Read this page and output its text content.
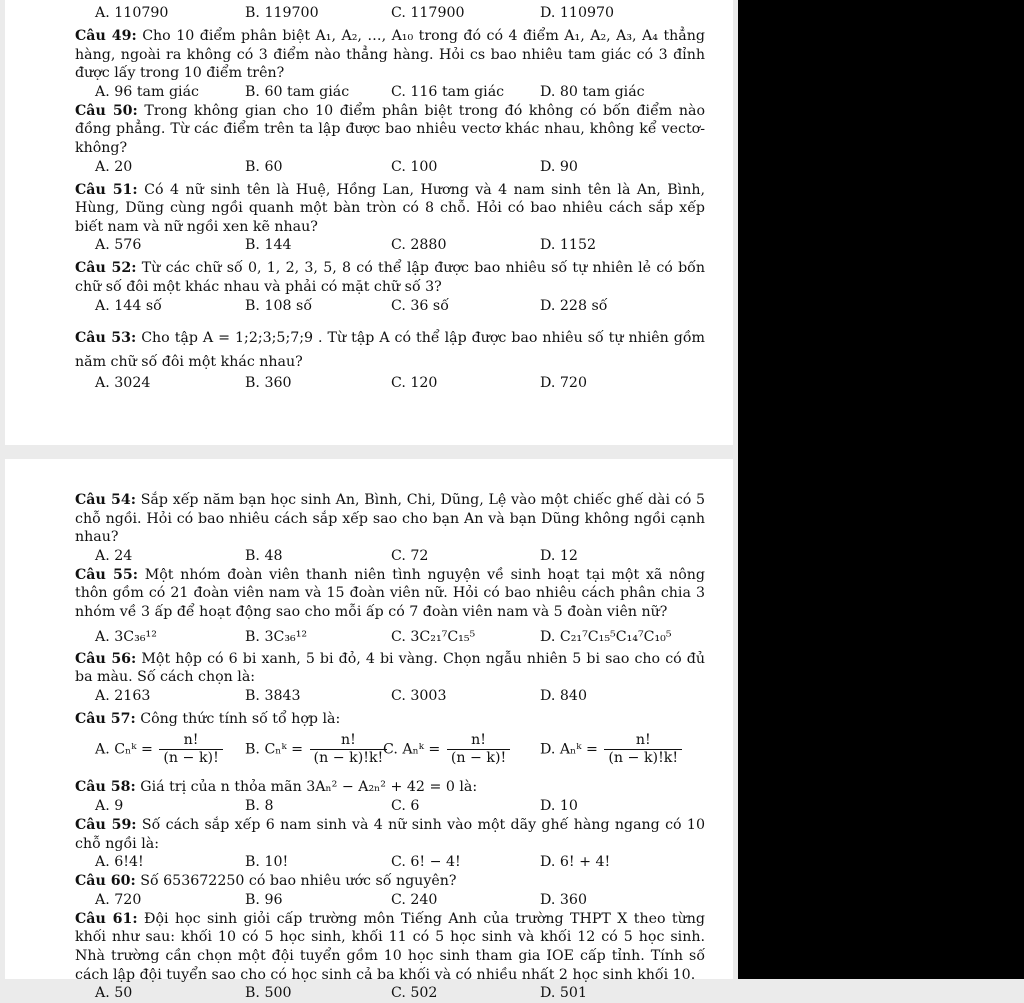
A. 110790	B. 119700	C. 117900	D. 110970
Câu 49: Cho 10 điểm phân biệt A₁, A₂, …, A₁₀ trong đó có 4 điểm A₁, A₂, A₃, A₄ thẳng hàng, ngoài ra không có 3 điểm nào thẳng hàng. Hỏi cs bao nhiêu tam giác có 3 đỉnh được lấy trong 10 điểm trên?
A. 96 tam giác	B. 60 tam giác	C. 116 tam giác	D. 80 tam giác
Câu 50: Trong không gian cho 10 điểm phân biệt trong đó không có bốn điểm nào đồng phẳng. Từ các điểm trên ta lập được bao nhiêu vectơ khác nhau, không kể vectơ-không?
A. 20	B. 60	C. 100	D. 90
Câu 51: Có 4 nữ sinh tên là Huệ, Hồng Lan, Hương và 4 nam sinh tên là An, Bình, Hùng, Dũng cùng ngồi quanh một bàn tròn có 8 chỗ. Hỏi có bao nhiêu cách sắp xếp biết nam và nữ ngồi xen kẽ nhau?
A. 576	B. 144	C. 2880	D. 1152
Câu 52: Từ các chữ số 0, 1, 2, 3, 5, 8 có thể lập được bao nhiêu số tự nhiên lẻ có bốn chữ số đôi một khác nhau và phải có mặt chữ số 3?
A. 144 số	B. 108 số	C. 36 số	D. 228 số
Câu 53: Cho tập A = 1;2;3;5;7;9 . Từ tập A có thể lập được bao nhiêu số tự nhiên gồm năm chữ số đôi một khác nhau?
A. 3024	B. 360	C. 120	D. 720
Câu 54: Sắp xếp năm bạn học sinh An, Bình, Chi, Dũng, Lệ vào một chiếc ghế dài có 5 chỗ ngồi. Hỏi có bao nhiêu cách sắp xếp sao cho bạn An và bạn Dũng không ngồi cạnh nhau?
A. 24	B. 48	C. 72	D. 12
Câu 55: Một nhóm đoàn viên thanh niên tình nguyện về sinh hoạt tại một xã nông thôn gồm có 21 đoàn viên nam và 15 đoàn viên nữ. Hỏi có bao nhiêu cách phân chia 3 nhóm về 3 ấp để hoạt động sao cho mỗi ấp có 7 đoàn viên nam và 5 đoàn viên nữ?
A. 3C₃₆¹²	B. 3C₃₆¹²	C. 3C₂₁⁷C₁₅⁵	D. C₂₁⁷C₁₅⁵C₁₄⁷C₁₀⁵
Câu 56: Một hộp có 6 bi xanh, 5 bi đỏ, 4 bi vàng. Chọn ngẫu nhiên 5 bi sao cho có đủ ba màu. Số cách chọn là:
A. 2163	B. 3843	C. 3003	D. 840
Câu 57: Công thức tính số tổ hợp là:
A. Cₙᵏ = $\frac{n!}{(n - k)!} B$. Cₙᵏ = $\frac{n!}{(n - k)!k!}$
C. Aₙᵏ = $\frac{n!}{(n - k)!} D$. Aₙᵏ = $\frac{n!}{(n - k)!k!}$
Câu 58: Giá trị của n thỏa mãn 3Aₙ² − A₂ₙ² + 42 = 0 là:
A. 9	B. 8	C. 6	D. 10
Câu 59: Số cách sắp xếp 6 nam sinh và 4 nữ sinh vào một dãy ghế hàng ngang có 10 chỗ ngồi là:
A. 6!4!	B. 10!	C. 6! − 4!	D. 6! + 4!
Câu 60: Số 653672250 có bao nhiêu ước số nguyên?
A. 720	B. 96	C. 240	D. 360
Câu 61: Đội học sinh giỏi cấp trường môn Tiếng Anh của trường THPT X theo từng khối như sau: khối 10 có 5 học sinh, khối 11 có 5 học sinh và khối 12 có 5 học sinh. Nhà trường cần chọn một đội tuyển gồm 10 học sinh tham gia IOE cấp tỉnh. Tính số cách lập đội tuyển sao cho có học sinh cả ba khối và có nhiều nhất 2 học sinh khối 10.
A. 50	B. 500	C. 502	D. 501
